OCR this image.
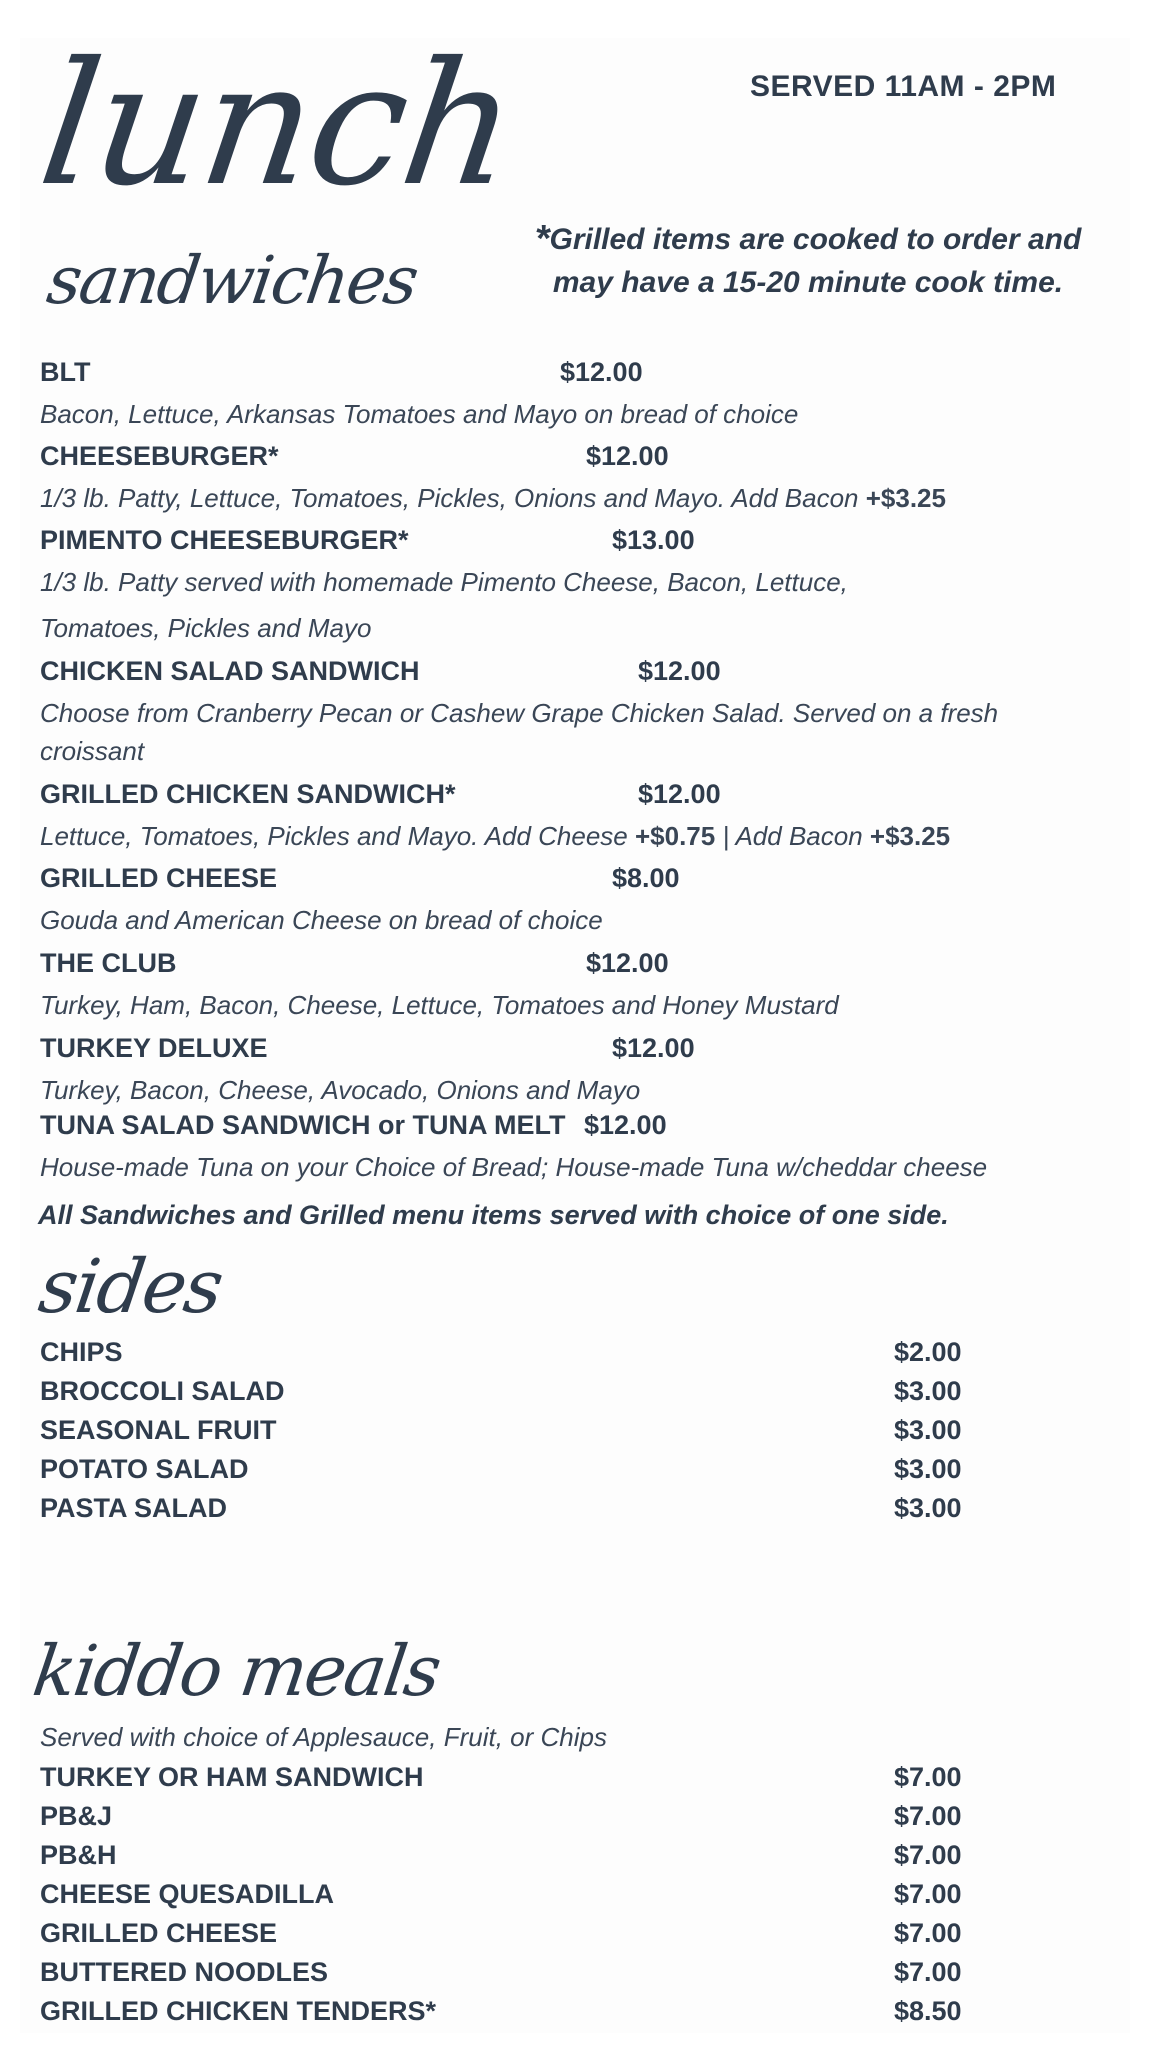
lunch
sandwiches
SERVED 11AM - 2PM
*Grilled items are cooked to order and may have a 15-20 minute cook time.
BLT	$12.00
Bacon, Lettuce, Arkansas Tomatoes and Mayo on bread of choice
CHEESEBURGER*	$12.00
1/3 lb. Patty, Lettuce, Tomatoes, Pickles, Onions and Mayo. Add Bacon +$3.25
PIMENTO CHEESEBURGER*	$13.00
1/3 lb. Patty served with homemade Pimento Cheese, Bacon, Lettuce, Tomatoes, Pickles and Mayo
CHICKEN SALAD SANDWICH	$12.00
Choose from Cranberry Pecan or Cashew Grape Chicken Salad. Served on a fresh croissant
GRILLED CHICKEN SANDWICH*	$12.00
Lettuce, Tomatoes, Pickles and Mayo. Add Cheese +$0.75 | Add Bacon +$3.25
GRILLED CHEESE	$8.00
Gouda and American Cheese on bread of choice
THE CLUB	$12.00
Turkey, Ham, Bacon, Cheese, Lettuce, Tomatoes and Honey Mustard
TURKEY DELUXE	$12.00
Turkey, Bacon, Cheese, Avocado, Onions and Mayo
TUNA SALAD SANDWICH or TUNA MELT $12.00
House-made Tuna on your Choice of Bread; House-made Tuna w/cheddar cheese
All Sandwiches and Grilled menu items served with choice of one side.
sides
CHIPS	$2.00
BROCCOLI SALAD	$3.00
SEASONAL FRUIT	$3.00
POTATO SALAD	$3.00
PASTA SALAD	$3.00
kiddo meals
Served with choice of Applesauce, Fruit, or Chips
TURKEY OR HAM SANDWICH	$7.00
PB&J	$7.00
PB&H	$7.00
CHEESE QUESADILLA	$7.00
GRILLED CHEESE	$7.00
BUTTERED NOODLES	$7.00
GRILLED CHICKEN TENDERS*	$8.50
